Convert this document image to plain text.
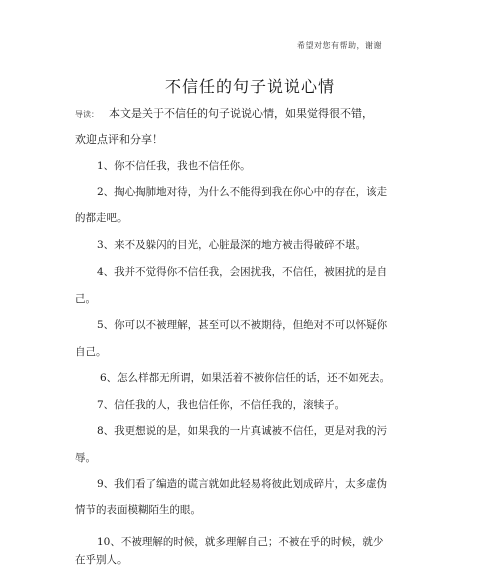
希望对您有帮助，谢谢
不信任的句子说说心情
导读： 本文是关于不信任的句子说说心情，如果觉得很不错，
欢迎点评和分享！
1、你不信任我，我也不信任你。
2、掏心掏肺地对待，为什么不能得到我在你心中的存在，该走
的都走吧。
3、来不及躲闪的目光，心脏最深的地方被击得破碎不堪。
4、我并不觉得你不信任我，会困扰我，不信任，被困扰的是自
己。
5、你可以不被理解，甚至可以不被期待，但绝对不可以怀疑你
自己。
6、怎么样都无所谓，如果活着不被你信任的话，还不如死去。
7、信任我的人，我也信任你，不信任我的，滚犊子。
8、我更想说的是，如果我的一片真诚被不信任，更是对我的污
辱。
9、我们看了编造的谎言就如此轻易将彼此划成碎片，太多虚伪
情节的表面模糊陌生的眼。
10、不被理解的时候，就多理解自己；不被在乎的时候，就少
在乎别人。
